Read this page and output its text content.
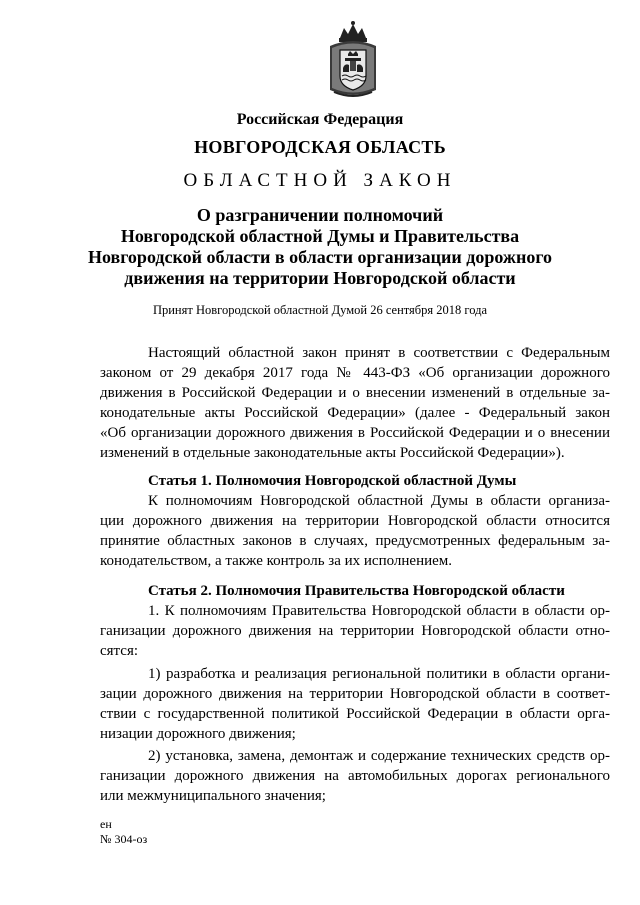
Российская Федерация
НОВГОРОДСКАЯ ОБЛАСТЬ
ОБЛАСТНОЙ ЗАКОН
О разграничении полномочий
Новгородской областной Думы и Правительства
Новгородской области в области организации дорожного
движения на территории Новгородской области
Принят Новгородской областной Думой 26 сентября 2018 года
Настоящий областной закон принят в соответствии с Федеральным
законом от 29 декабря 2017 года № 443-ФЗ «Об организации дорожного
движения в Российской Федерации и о внесении изменений в отдельные за-
конодательные акты Российской Федерации» (далее - Федеральный закон
«Об организации дорожного движения в Российской Федерации и о внесении
изменений в отдельные законодательные акты Российской Федерации»).
Статья 1. Полномочия Новгородской областной Думы
К полномочиям Новгородской областной Думы в области организа-
ции дорожного движения на территории Новгородской области относится
принятие областных законов в случаях, предусмотренных федеральным за-
конодательством, а также контроль за их исполнением.
Статья 2. Полномочия Правительства Новгородской области
1. К полномочиям Правительства Новгородской области в области ор-
ганизации дорожного движения на территории Новгородской области отно-
сятся:
1) разработка и реализация региональной политики в области органи-
зации дорожного движения на территории Новгородской области в соответ-
ствии с государственной политикой Российской Федерации в области орга-
низации дорожного движения;
2) установка, замена, демонтаж и содержание технических средств ор-
ганизации дорожного движения на автомобильных дорогах регионального
или межмуниципального значения;
ен
№ 304-оз
